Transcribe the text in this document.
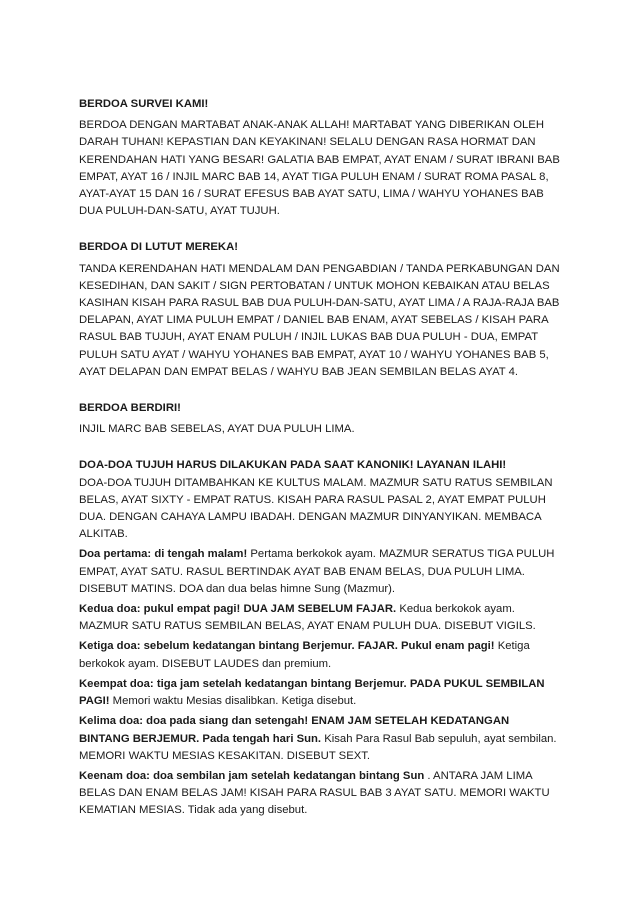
BERDOA SURVEI KAMI!

BERDOA DENGAN MARTABAT ANAK-ANAK ALLAH! MARTABAT YANG DIBERIKAN OLEH DARAH TUHAN! KEPASTIAN DAN KEYAKINAN! SELALU DENGAN RASA HORMAT DAN KERENDAHAN HATI YANG BESAR! GALATIA BAB EMPAT, AYAT ENAM / SURAT IBRANI BAB EMPAT, AYAT 16 / INJIL MARC BAB 14, AYAT TIGA PULUH ENAM / SURAT ROMA PASAL 8, AYAT-AYAT 15 DAN 16 / SURAT EFESUS BAB AYAT SATU, LIMA / WAHYU YOHANES BAB DUA PULUH-DAN-SATU, AYAT TUJUH.

BERDOA DI LUTUT MEREKA!

TANDA KERENDAHAN HATI MENDALAM DAN PENGABDIAN / TANDA PERKABUNGAN DAN KESEDIHAN, DAN SAKIT / SIGN PERTOBATAN / UNTUK MOHON KEBAIKAN ATAU BELAS KASIHAN KISAH PARA RASUL BAB DUA PULUH-DAN-SATU, AYAT LIMA / A RAJA-RAJA BAB DELAPAN, AYAT LIMA PULUH EMPAT / DANIEL BAB ENAM, AYAT SEBELAS / KISAH PARA RASUL BAB TUJUH, AYAT ENAM PULUH / INJIL LUKAS BAB DUA PULUH - DUA, EMPAT PULUH SATU AYAT / WAHYU YOHANES BAB EMPAT, AYAT 10 / WAHYU YOHANES BAB 5, AYAT DELAPAN DAN EMPAT BELAS / WAHYU BAB JEAN SEMBILAN BELAS AYAT 4.

BERDOA BERDIRI!

INJIL MARC BAB SEBELAS, AYAT DUA PULUH LIMA.

DOA-DOA TUJUH HARUS DILAKUKAN PADA SAAT KANONIK! LAYANAN ILAHI!

DOA-DOA TUJUH DITAMBAHKAN KE KULTUS MALAM. MAZMUR SATU RATUS SEMBILAN BELAS, AYAT SIXTY - EMPAT RATUS. KISAH PARA RASUL PASAL 2, AYAT EMPAT PULUH DUA. DENGAN CAHAYA LAMPU IBADAH. DENGAN MAZMUR DINYANYIKAN. MEMBACA ALKITAB.

Doa pertama: di tengah malam! Pertama berkokok ayam. MAZMUR SERATUS TIGA PULUH EMPAT, AYAT SATU. RASUL BERTINDAK AYAT BAB ENAM BELAS, DUA PULUH LIMA. DISEBUT MATINS. DOA dan dua belas himne Sung (Mazmur).

Kedua doa: pukul empat pagi! DUA JAM SEBELUM FAJAR. Kedua berkokok ayam. MAZMUR SATU RATUS SEMBILAN BELAS, AYAT ENAM PULUH DUA. DISEBUT VIGILS.

Ketiga doa: sebelum kedatangan bintang Berjemur. FAJAR. Pukul enam pagi! Ketiga berkokok ayam. DISEBUT LAUDES dan premium.

Keempat doa: tiga jam setelah kedatangan bintang Berjemur. PADA PUKUL SEMBILAN PAGI! Memori waktu Mesias disalibkan. Ketiga disebut.

Kelima doa: doa pada siang dan setengah! ENAM JAM SETELAH KEDATANGAN BINTANG BERJEMUR. Pada tengah hari Sun. Kisah Para Rasul Bab sepuluh, ayat sembilan. MEMORI WAKTU MESIAS KESAKITAN. DISEBUT SEXT.

Keenam doa: doa sembilan jam setelah kedatangan bintang Sun . ANTARA JAM LIMA BELAS DAN ENAM BELAS JAM! KISAH PARA RASUL BAB 3 AYAT SATU. MEMORI WAKTU KEMATIAN MESIAS. Tidak ada yang disebut.
